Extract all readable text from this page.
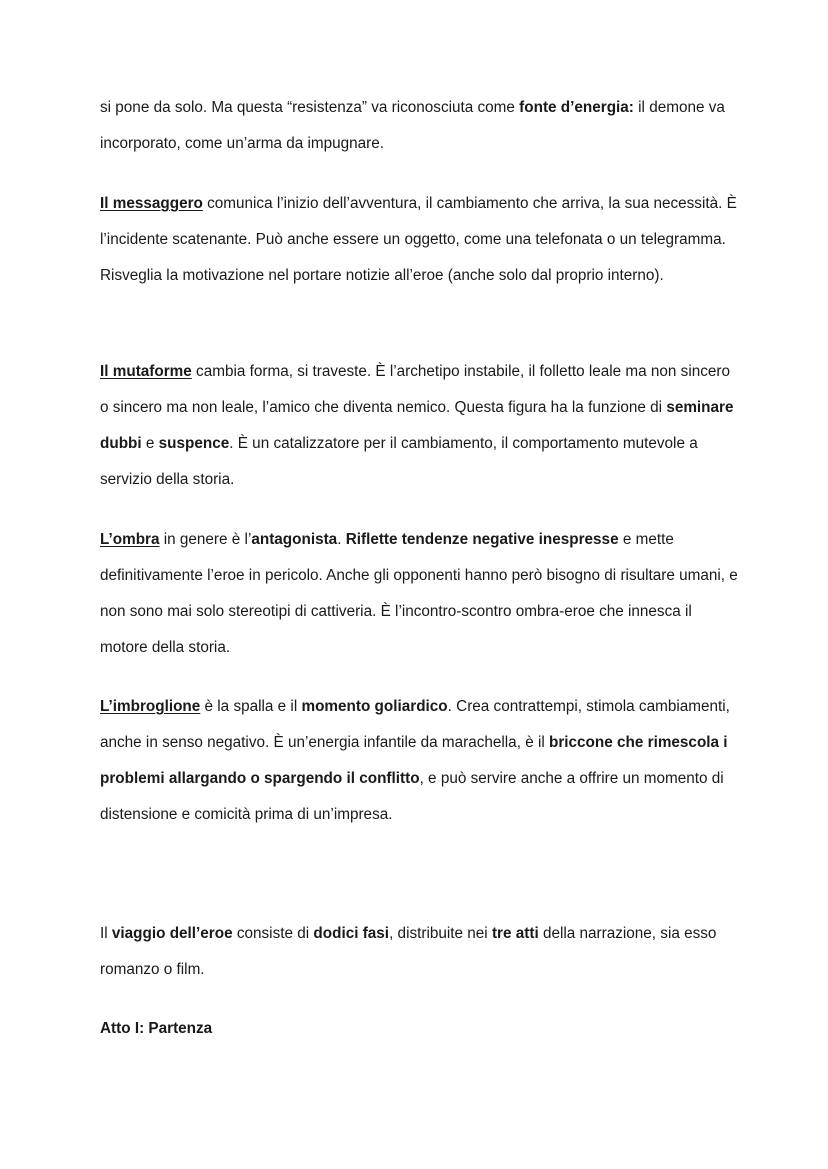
si pone da solo. Ma questa “resistenza” va riconosciuta come fonte d’energia: il demone va incorporato, come un’arma da impugnare.

Il messaggero comunica l’inizio dell’avventura, il cambiamento che arriva, la sua necessità. È l’incidente scatenante. Può anche essere un oggetto, come una telefonata o un telegramma. Risveglia la motivazione nel portare notizie all’eroe (anche solo dal proprio interno).

Il mutaforme cambia forma, si traveste. È l’archetipo instabile, il folletto leale ma non sincero o sincero ma non leale, l’amico che diventa nemico. Questa figura ha la funzione di seminare dubbi e suspence. È un catalizzatore per il cambiamento, il comportamento mutevole a servizio della storia.

L’ombra in genere è l’antagonista. Riflette tendenze negative inespresse e mette definitivamente l’eroe in pericolo. Anche gli opponenti hanno però bisogno di risultare umani, e non sono mai solo stereotipi di cattiveria. È l’incontro-scontro ombra-eroe che innesca il motore della storia.

L’imbroglione è la spalla e il momento goliardico. Crea contrattempi, stimola cambiamenti, anche in senso negativo. È un’energia infantile da marachella, è il briccone che rimescola i problemi allargando o spargendo il conflitto, e può servire anche a offrire un momento di distensione e comicità prima di un’impresa.

Il viaggio dell’eroe consiste di dodici fasi, distribuite nei tre atti della narrazione, sia esso romanzo o film.

Atto I: Partenza
